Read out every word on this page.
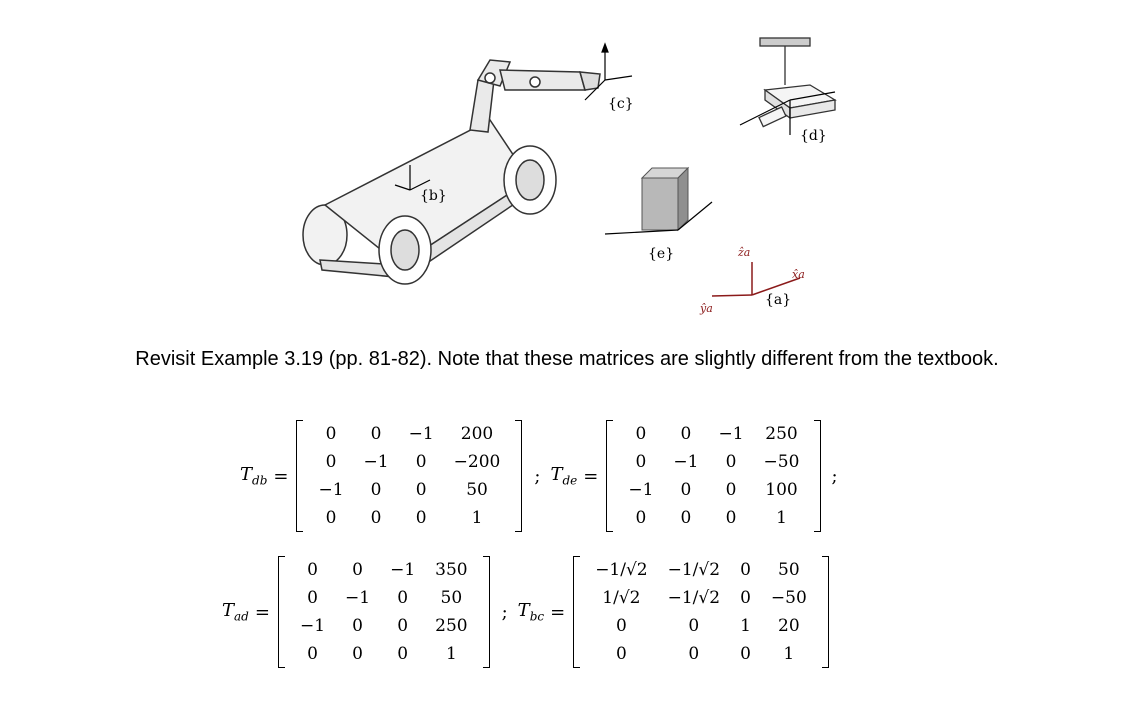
{c}
{b}
{d}
{e}	ẑa
x̂a
ŷa
{a}
Revisit Example 3.19 (pp. 81-82). Note that these matrices are slightly different from the textbook.
$T_{db}$ =
0	0	−1	200
0	−1	0	−200
−1	0	0	50
0	0	0	1
; $T_{de}$ =
0	0	−1	250
0	−1	0	−50
−1	0	0	100
0	0	0	1
;
$T_{ad}$ =
0	0	−1	350
0	−1	0	50
−1	0	0	250
0	0	0	1
; $T_{bc}$ =
−1/√2	−1/√2	0	50
1/√2	−1/√2	0	−50
0	0	1	20
0	0	0	1
